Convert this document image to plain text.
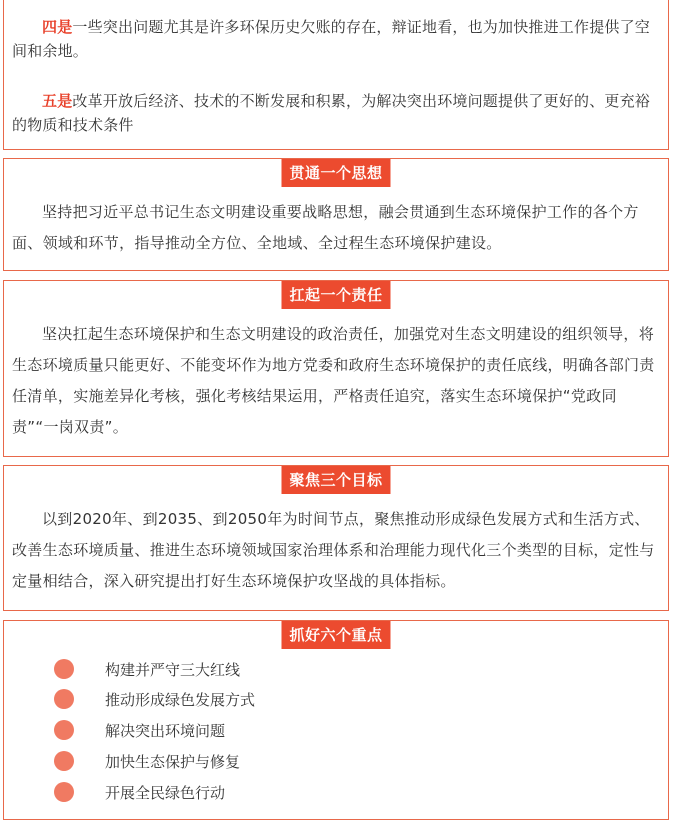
四是一些突出问题尤其是许多环保历史欠账的存在，辩证地看，也为加快推进工作提供了空间和余地。

五是改革开放后经济、技术的不断发展和积累，为解决突出环境问题提供了更好的、更充裕的物质和技术条件

贯通一个思想

坚持把习近平总书记生态文明建设重要战略思想，融会贯通到生态环境保护工作的各个方面、领域和环节，指导推动全方位、全地域、全过程生态环境保护建设。

扛起一个责任

坚决扛起生态环境保护和生态文明建设的政治责任，加强党对生态文明建设的组织领导，将生态环境质量只能更好、不能变坏作为地方党委和政府生态环境保护的责任底线，明确各部门责任清单，实施差异化考核，强化考核结果运用，严格责任追究，落实生态环境保护“党政同责”“一岗双责”。

聚焦三个目标

以到2020年、到2035、到2050年为时间节点，聚焦推动形成绿色发展方式和生活方式、改善生态环境质量、推进生态环境领域国家治理体系和治理能力现代化三个类型的目标，定性与定量相结合，深入研究提出打好生态环境保护攻坚战的具体指标。

抓好六个重点
构建并严守三大红线
推动形成绿色发展方式
解决突出环境问题
加快生态保护与修复
开展全民绿色行动
